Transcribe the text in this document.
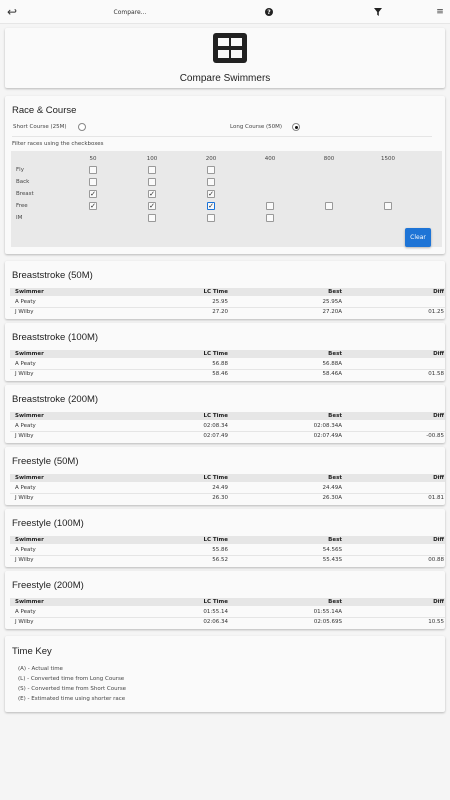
↩	Compare...	?	≡
Compare Swimmers
Race & Course
Short Course (25M)	Long Course (50M)
Filter races using the checkboxes
50	100	200	400	800	1500
Fly
Back
Breast	✓	✓	✓
Free	✓	✓	✓
IM
Clear
Breaststroke (50M)
Swimmer	LC Time	Best	Diff
A Peaty	25.95	25.95A
J Wilby	27.20	27.20A	01.25
Breaststroke (100M)
Swimmer	LC Time	Best	Diff
A Peaty	56.88	56.88A
J Wilby	58.46	58.46A	01.58
Breaststroke (200M)
Swimmer	LC Time	Best	Diff
A Peaty	02:08.34	02:08.34A
J Wilby	02:07.49	02:07.49A	-00.85
Freestyle (50M)
Swimmer	LC Time	Best	Diff
A Peaty	24.49	24.49A
J Wilby	26.30	26.30A	01.81
Freestyle (100M)
Swimmer	LC Time	Best	Diff
A Peaty	55.86	54.56S
J Wilby	56.52	55.43S	00.88
Freestyle (200M)
Swimmer	LC Time	Best	Diff
A Peaty	01:55.14	01:55.14A
J Wilby	02:06.34	02:05.69S	10.55
Time Key
(A) - Actual time
(L) - Converted time from Long Course
(S) - Converted time from Short Course
(E) - Estimated time using shorter race
